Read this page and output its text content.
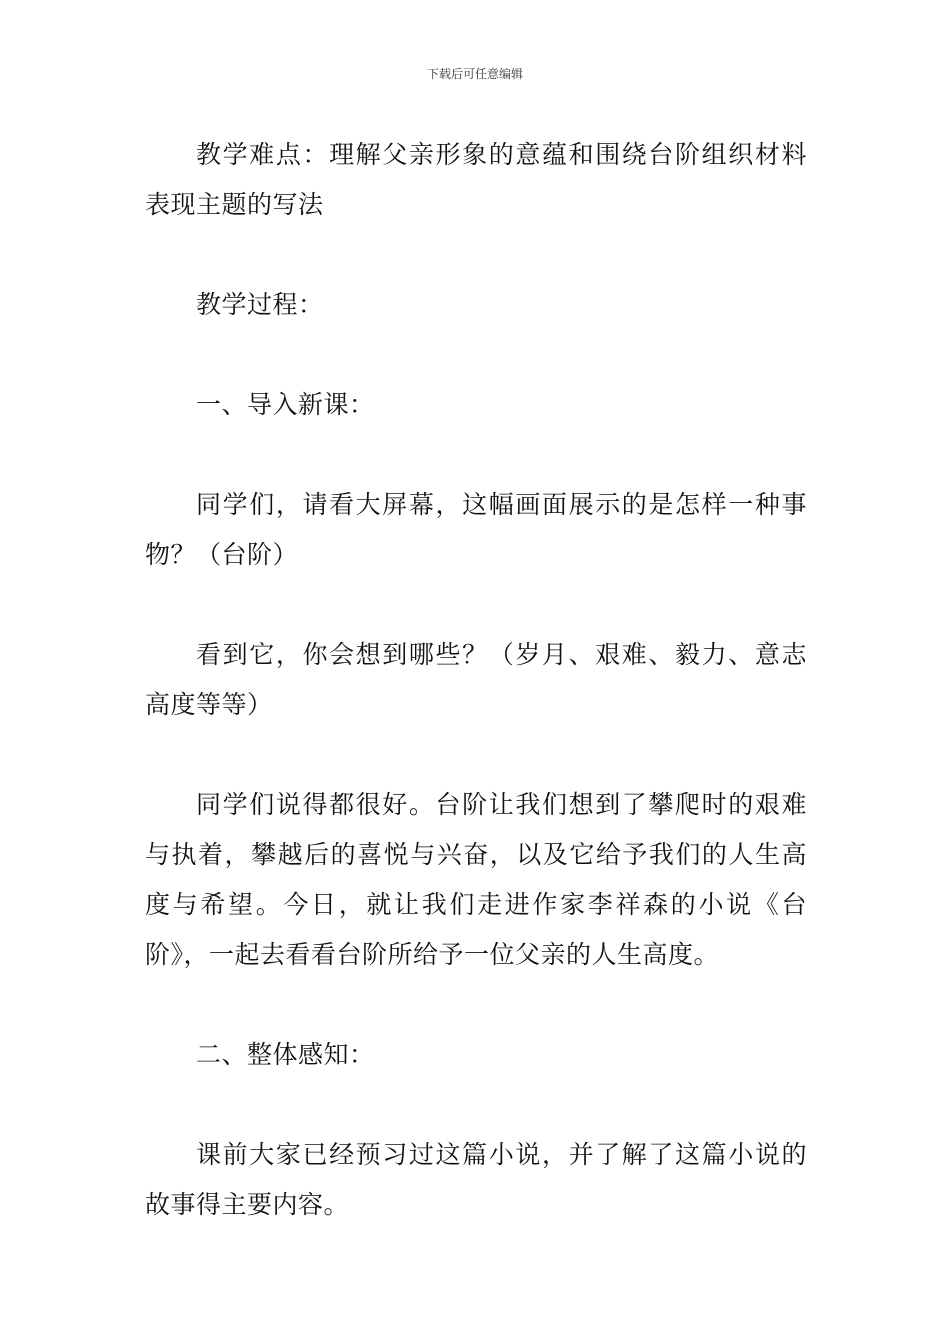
下载后可任意编辑

教学难点：理解父亲形象的意蕴和围绕台阶组织材料表现主题的写法

教学过程：

一、导入新课：

同学们，请看大屏幕，这幅画面展示的是怎样一种事物？（台阶）

看到它，你会想到哪些？（岁月、艰难、毅力、意志高度等等）

同学们说得都很好。台阶让我们想到了攀爬时的艰难与执着，攀越后的喜悦与兴奋，以及它给予我们的人生高度与希望。今日，就让我们走进作家李祥森的小说《台阶》，一起去看看台阶所给予一位父亲的人生高度。

二、整体感知：

课前大家已经预习过这篇小说，并了解了这篇小说的故事得主要内容。
